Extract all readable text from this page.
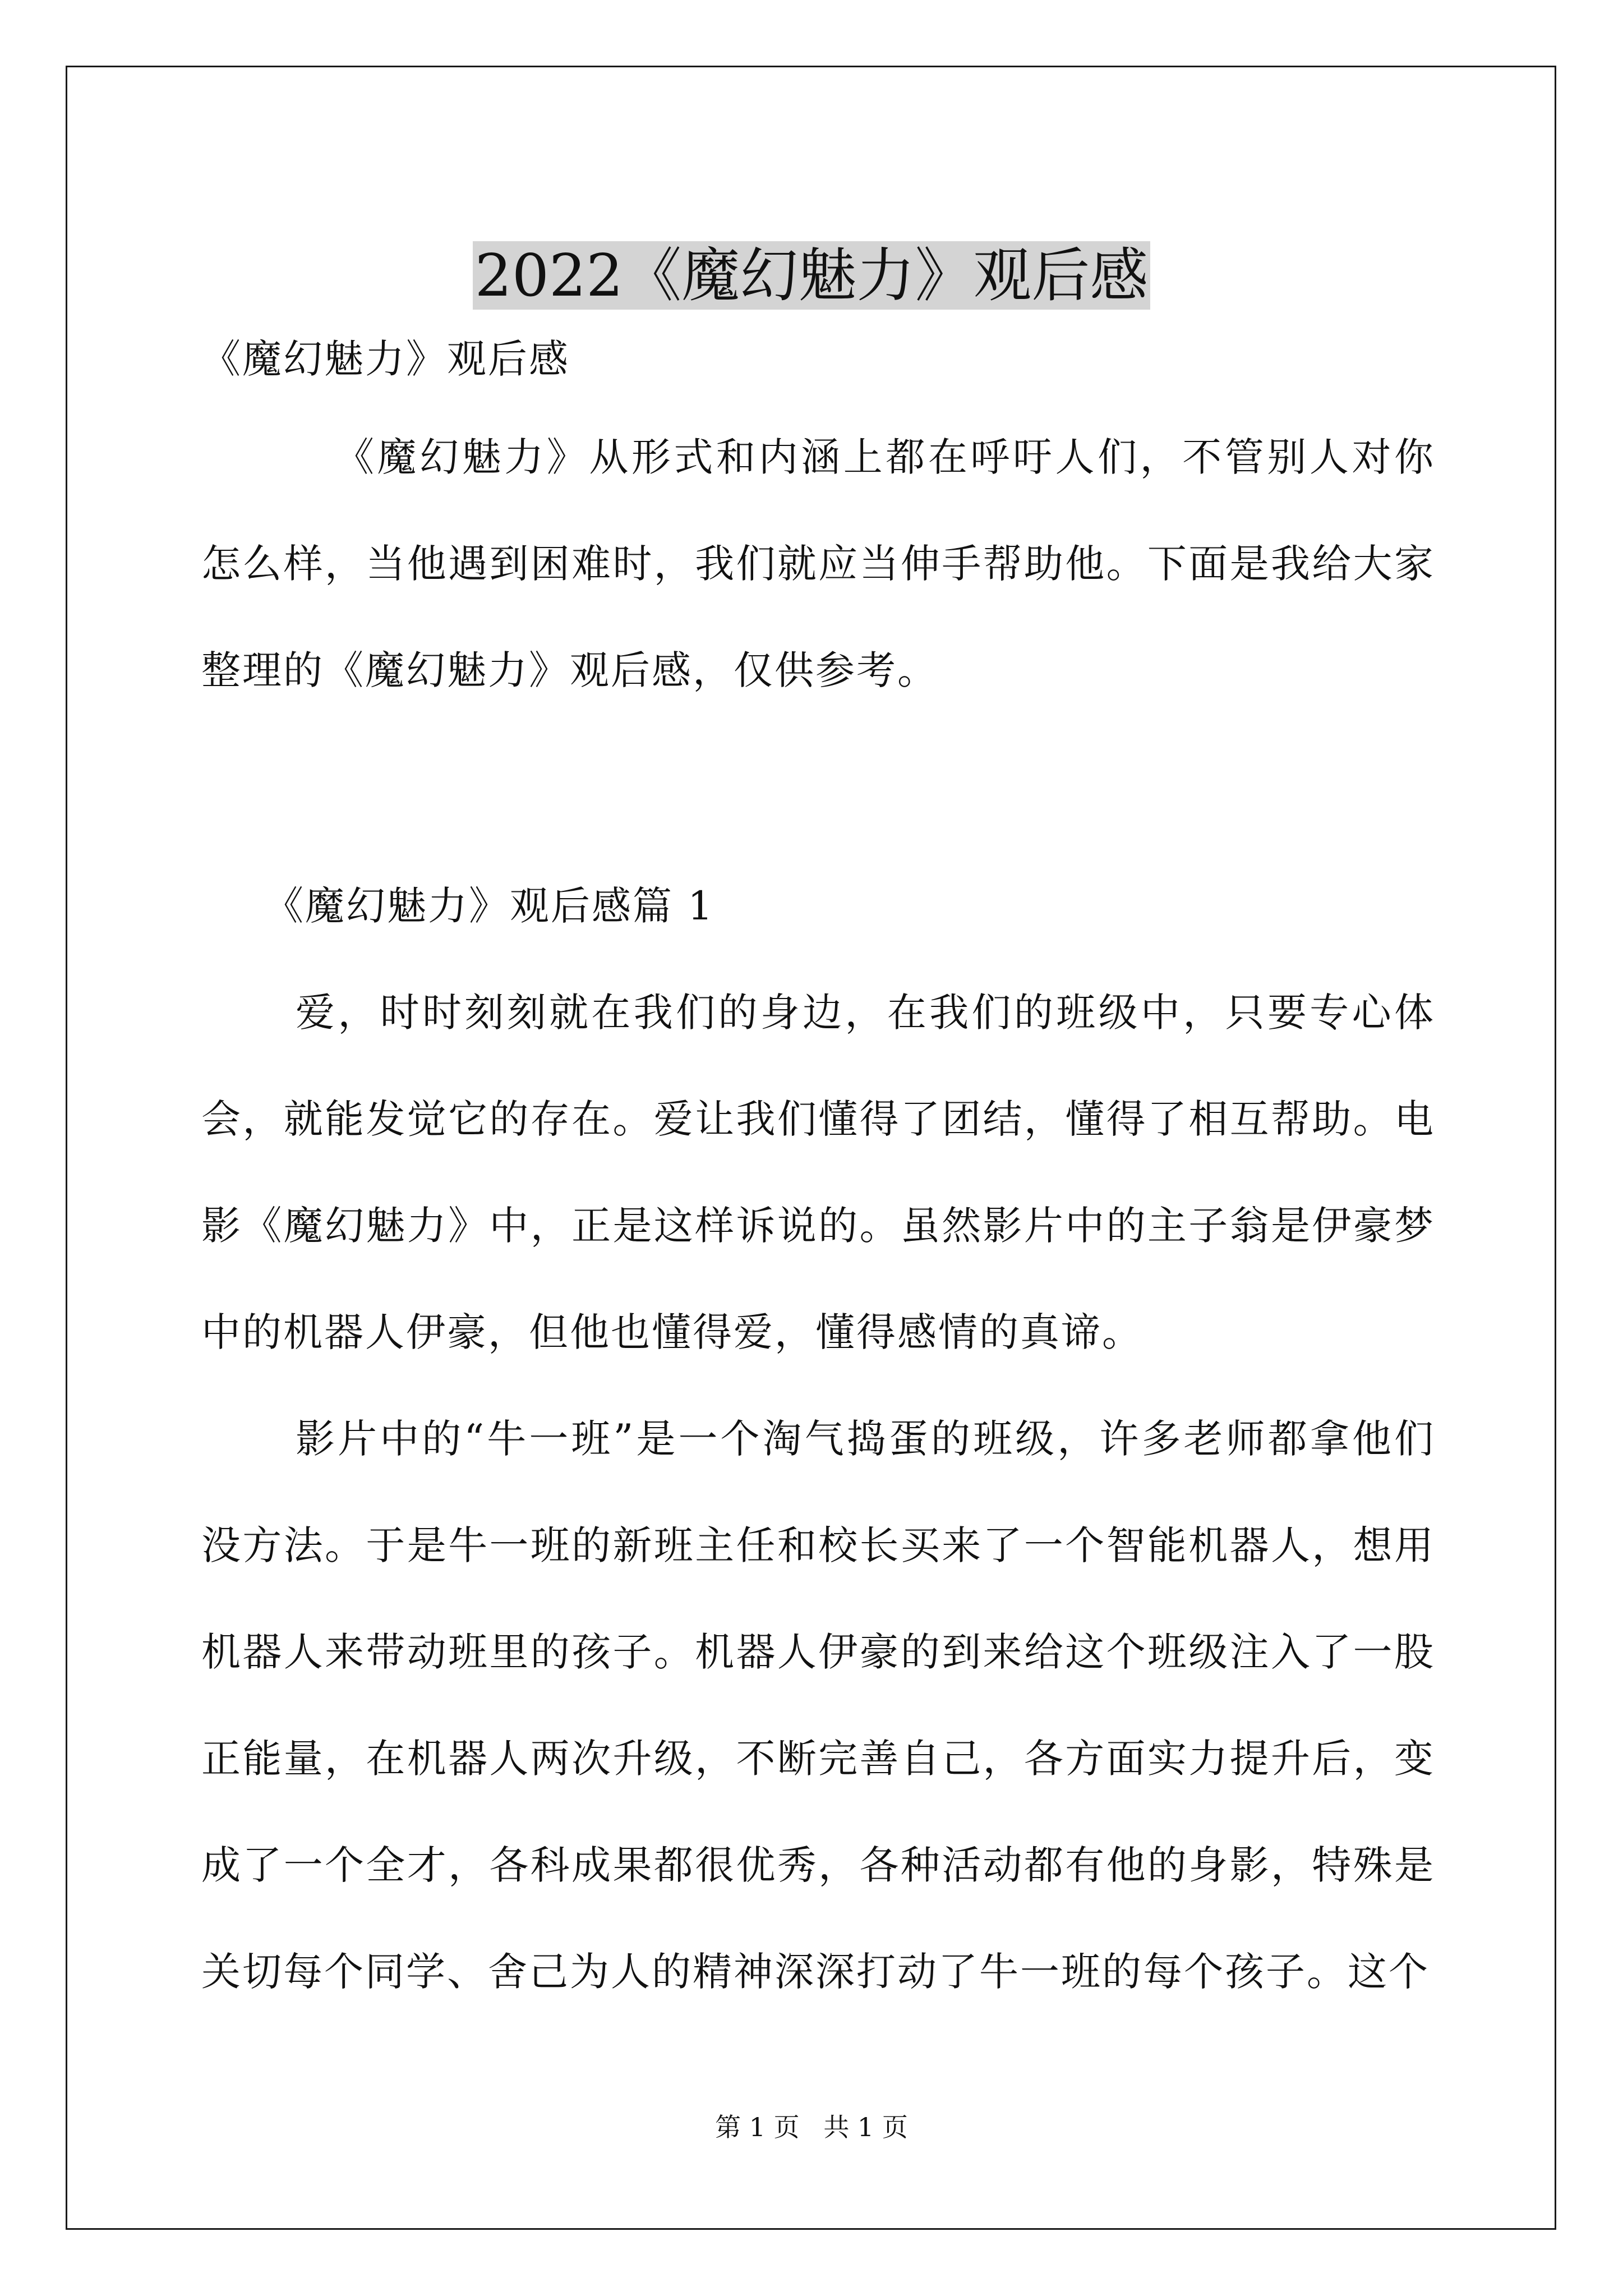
2022《魔幻魅力》观后感

《魔幻魅力》观后感

《魔幻魅力》从形式和内涵上都在呼吁人们，不管别人对你怎么样，当他遇到困难时，我们就应当伸手帮助他。下面是我给大家整理的《魔幻魅力》观后感，仅供参考。

《魔幻魅力》观后感篇 1

爱，时时刻刻就在我们的身边，在我们的班级中，只要专心体会，就能发觉它的存在。爱让我们懂得了团结，懂得了相互帮助。电影《魔幻魅力》中，正是这样诉说的。虽然影片中的主子翁是伊豪梦中的机器人伊豪，但他也懂得爱，懂得感情的真谛。

影片中的“牛一班”是一个淘气捣蛋的班级，许多老师都拿他们没方法。于是牛一班的新班主任和校长买来了一个智能机器人，想用机器人来带动班里的孩子。机器人伊豪的到来给这个班级注入了一股正能量，在机器人两次升级，不断完善自己，各方面实力提升后，变成了一个全才，各科成果都很优秀，各种活动都有他的身影，特殊是关切每个同学、舍己为人的精神深深打动了牛一班的每个孩子。这个

第 1 页 共 1 页
